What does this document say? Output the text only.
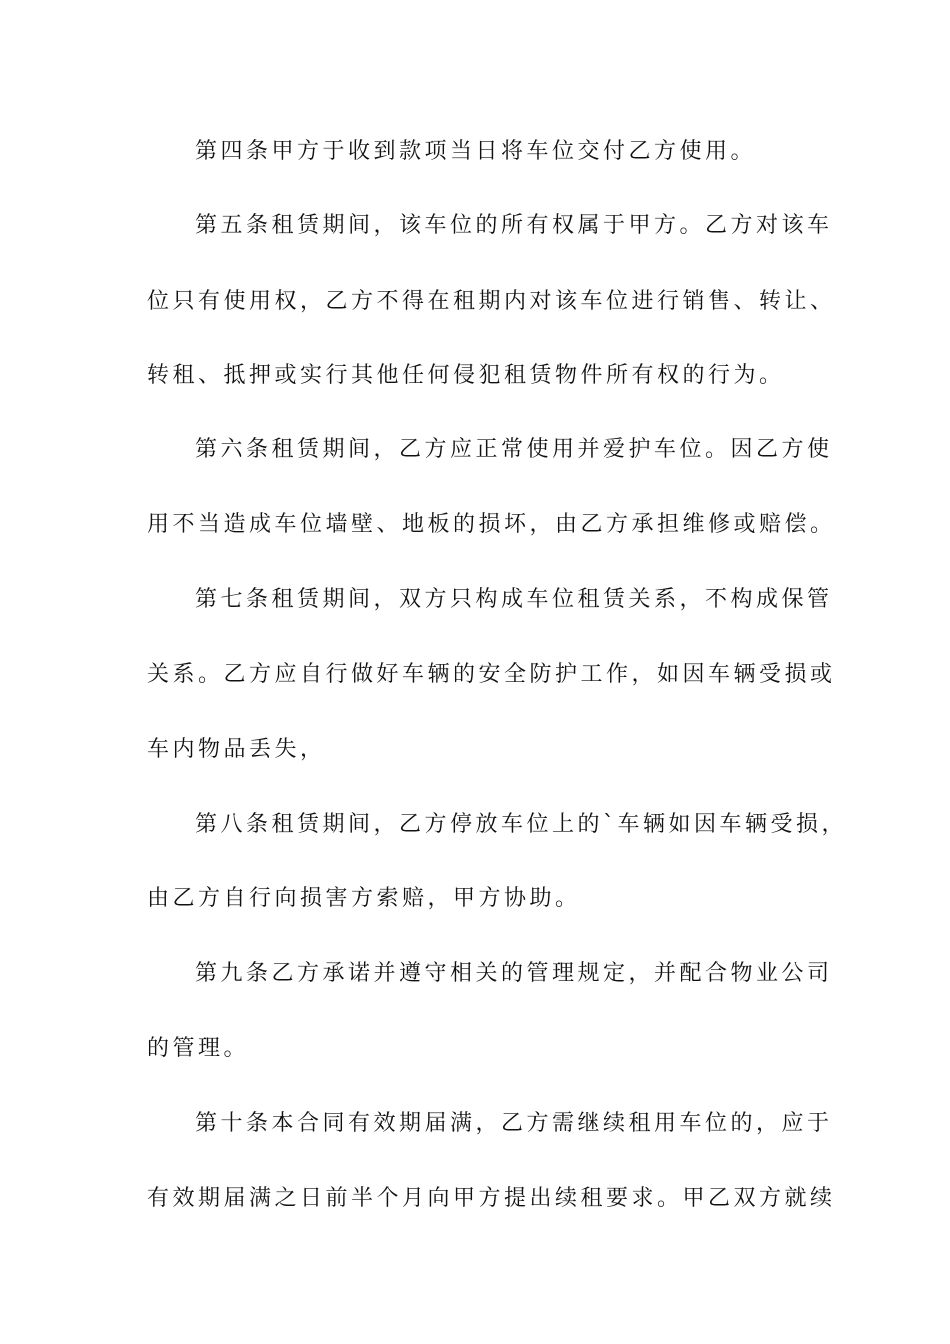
第四条甲方于收到款项当日将车位交付乙方使用。
第五条租赁期间，该车位的所有权属于甲方。乙方对该车
位只有使用权，乙方不得在租期内对该车位进行销售、转让、
转租、抵押或实行其他任何侵犯租赁物件所有权的行为。
第六条租赁期间，乙方应正常使用并爱护车位。因乙方使
用不当造成车位墙壁、地板的损坏，由乙方承担维修或赔偿。
第七条租赁期间，双方只构成车位租赁关系，不构成保管
关系。乙方应自行做好车辆的安全防护工作，如因车辆受损或
车内物品丢失，
第八条租赁期间，乙方停放车位上的`车辆如因车辆受损，
由乙方自行向损害方索赔，甲方协助。
第九条乙方承诺并遵守相关的管理规定，并配合物业公司
的管理。
第十条本合同有效期届满，乙方需继续租用车位的，应于
有效期届满之日前半个月向甲方提出续租要求。甲乙双方就续
